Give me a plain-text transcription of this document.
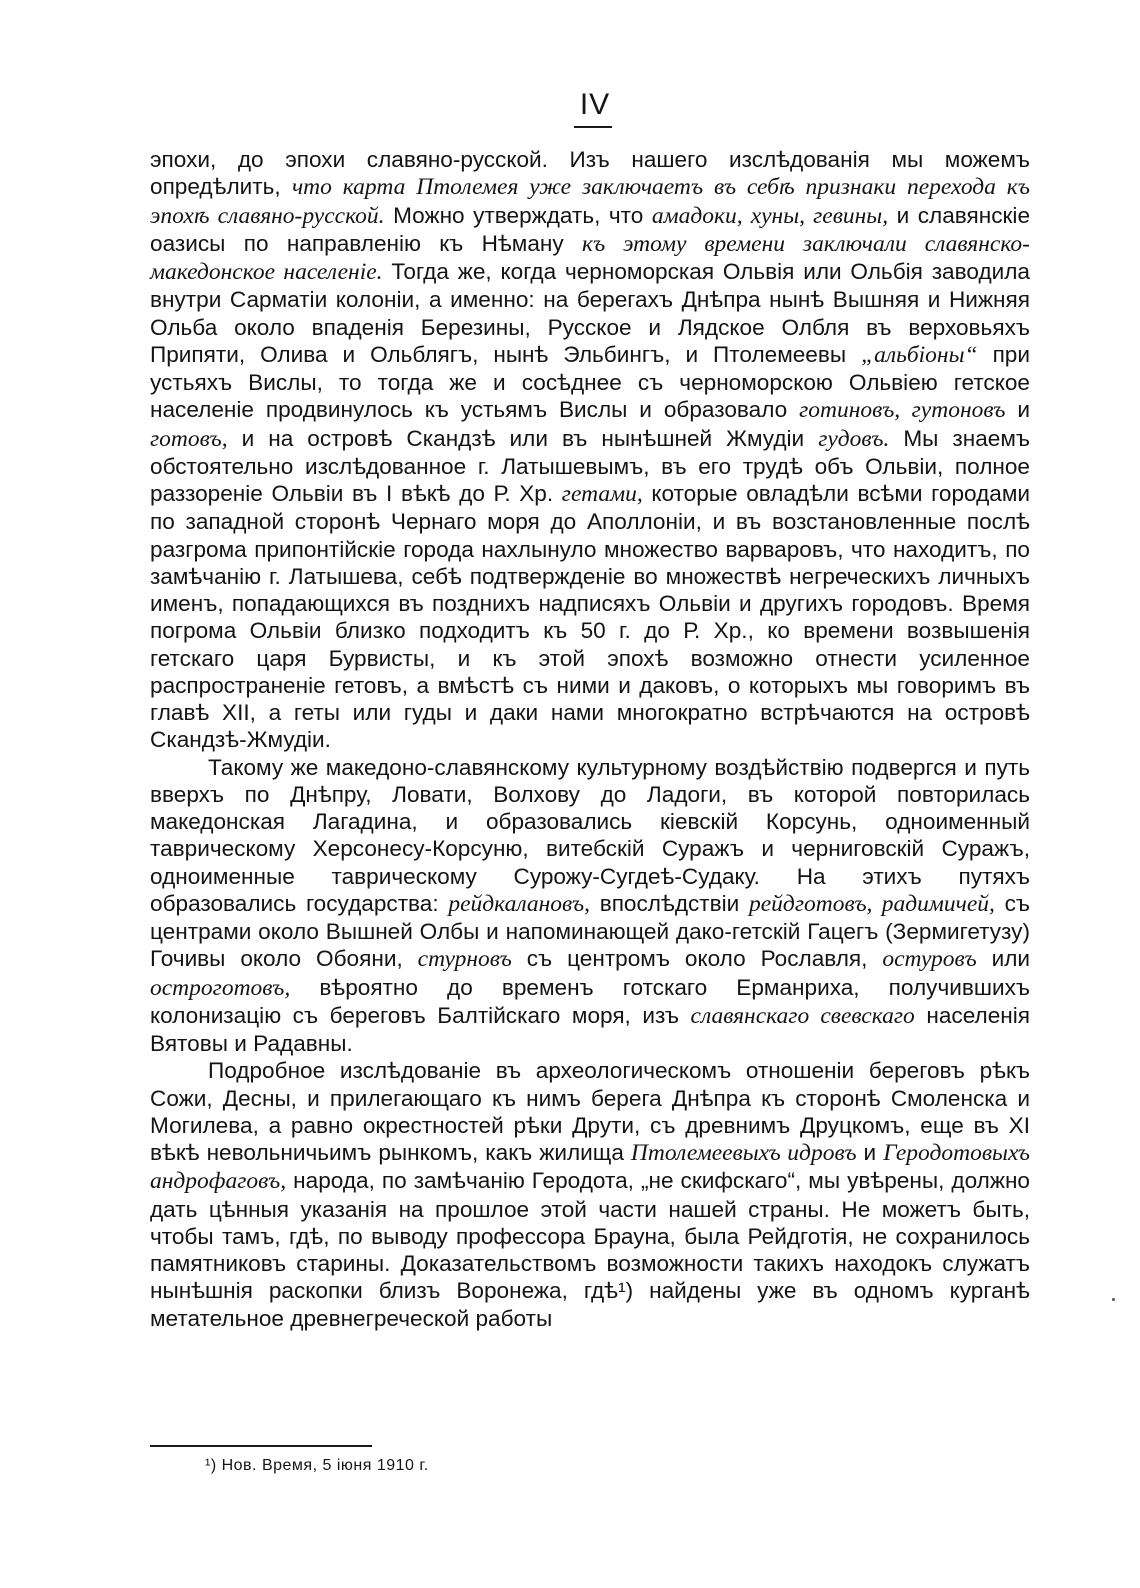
IV

эпохи, до эпохи славяно-русской. Изъ нашего изслѣдованія мы можемъ опредѣлить, что карта Птолемея уже заключаетъ въ себѣ признаки перехода къ эпохѣ славяно-русской. Можно утверждать, что амадоки, хуны, гевины, и славянскіе оазисы по направленію къ Нѣману къ этому времени заключали славянско-македонское населеніе. Тогда же, когда черноморская Ольвія или Ольбія заводила внутри Сарматіи колоніи, а именно: на берегахъ Днѣпра нынѣ Вышняя и Нижняя Ольба около впаденія Березины, Русское и Лядское Олбля въ верховьяхъ Припяти, Олива и Ольблягъ, нынѣ Эльбингъ, и Птолемеевы „альбіоны“ при устьяхъ Вислы, то тогда же и сосѣднее съ черноморскою Ольвіею гетское населеніе продвинулось къ устьямъ Вислы и образовало готиновъ, гутоновъ и готовъ, и на островѣ Скандзѣ или въ нынѣшней Жмудіи гудовъ. Мы знаемъ обстоятельно изслѣдованное г. Латышевымъ, въ его трудѣ объ Ольвіи, полное раззореніе Ольвіи въ I вѣкѣ до Р. Хр. гетами, которые овладѣли всѣми городами по западной сторонѣ Чернаго моря до Аполлоніи, и въ возстановленные послѣ разгрома припонтійскіе города нахлынуло множество варваровъ, что находитъ, по замѣчанію г. Латышева, себѣ подтвержденіе во множествѣ негреческихъ личныхъ именъ, попадающихся въ позднихъ надписяхъ Ольвіи и другихъ городовъ. Время погрома Ольвіи близко подходитъ къ 50 г. до Р. Хр., ко времени возвышенія гетскаго царя Бурвисты, и къ этой эпохѣ возможно отнести усиленное распространеніе гетовъ, а вмѣстѣ съ ними и даковъ, о которыхъ мы говоримъ въ главѣ XII, а геты или гуды и даки нами многократно встрѣчаются на островѣ Скандзѣ-Жмудіи.

Такому же македоно-славянскому культурному воздѣйствію подвергся и путь вверхъ по Днѣпру, Ловати, Волхову до Ладоги, въ которой повторилась македонская Лагадина, и образовались кіевскій Корсунь, одноименный таврическому Херсонесу-Корсуню, витебскій Суражъ и черниговскій Суражъ, одноименные таврическому Сурожу-Сугдеѣ-Судаку. На этихъ путяхъ образовались государства: рейдкалановъ, впослѣдствіи рейдготовъ, радимичей, съ центрами около Вышней Олбы и напоминающей дако-гетскій Гацегъ (Зермигетузу) Гочивы около Обояни, стурновъ съ центромъ около Рославля, остуровъ или остроготовъ, вѣроятно до временъ готскаго Ерманриха, получившихъ колонизацію съ береговъ Балтійскаго моря, изъ славянскаго свевскаго населенія Вятовы и Радавны.

Подробное изслѣдованіе въ археологическомъ отношеніи береговъ рѣкъ Сожи, Десны, и прилегающаго къ нимъ берега Днѣпра къ сторонѣ Смоленска и Могилева, а равно окрестностей рѣки Друти, съ древнимъ Друцкомъ, еще въ XI вѣкѣ невольничьимъ рынкомъ, какъ жилища Птолемеевыхъ идровъ и Геродотовыхъ андрофаговъ, народа, по замѣчанію Геродота, „не скифскаго“, мы увѣрены, должно дать цѣнныя указанія на прошлое этой части нашей страны. Не можетъ быть, чтобы тамъ, гдѣ, по выводу профессора Брауна, была Рейдготія, не сохранилось памятниковъ старины. Доказательствомъ возможности такихъ находокъ служатъ нынѣшнія раскопки близъ Воронежа, гдѣ¹) найдены уже въ одномъ курганѣ метательное древнегреческой работы

¹) Нов. Время, 5 іюня 1910 г.
